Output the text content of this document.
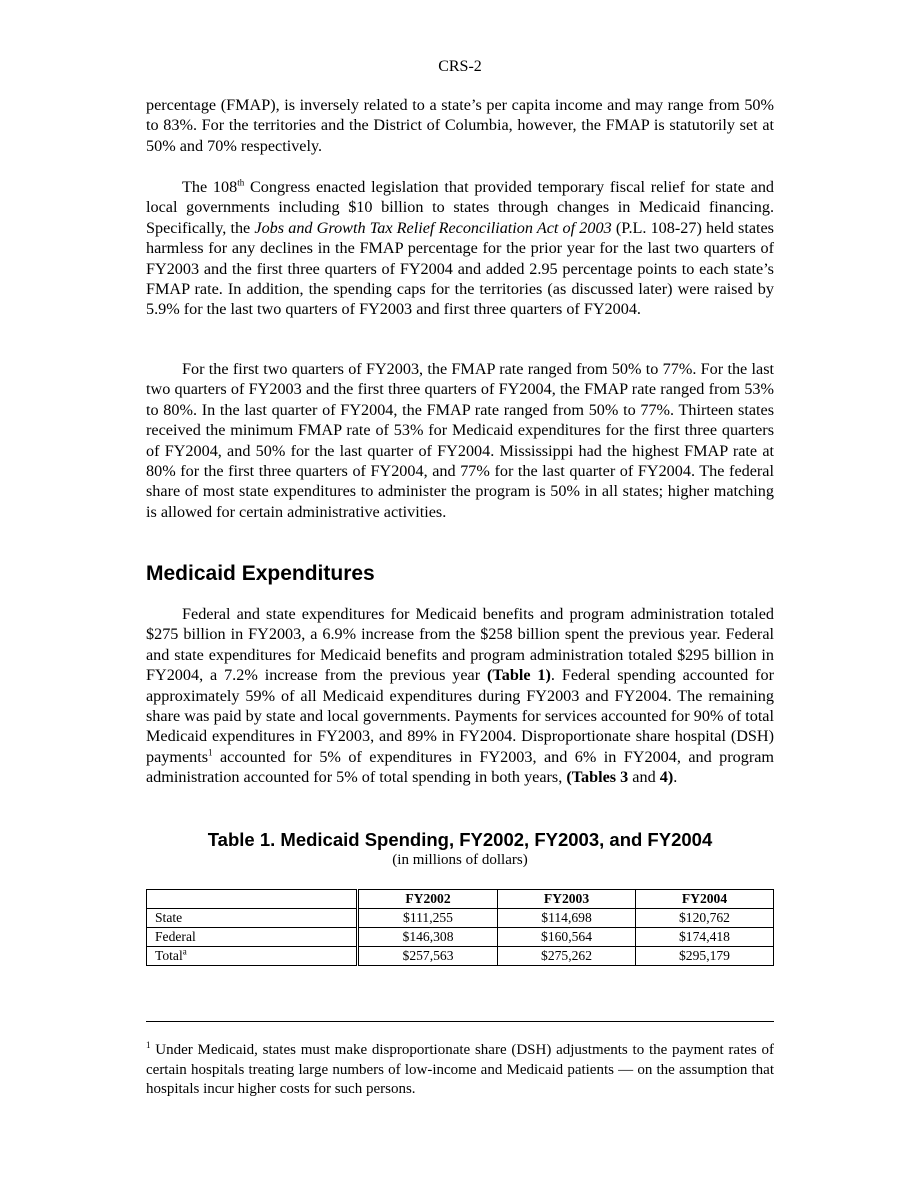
CRS-2

percentage (FMAP), is inversely related to a state’s per capita income and may range from 50% to 83%. For the territories and the District of Columbia, however, the FMAP is statutorily set at 50% and 70% respectively.

The 108th Congress enacted legislation that provided temporary fiscal relief for state and local governments including $10 billion to states through changes in Medicaid financing. Specifically, the Jobs and Growth Tax Relief Reconciliation Act of 2003 (P.L. 108-27) held states harmless for any declines in the FMAP percentage for the prior year for the last two quarters of FY2003 and the first three quarters of FY2004 and added 2.95 percentage points to each state’s FMAP rate. In addition, the spending caps for the territories (as discussed later) were raised by 5.9% for the last two quarters of FY2003 and first three quarters of FY2004.

For the first two quarters of FY2003, the FMAP rate ranged from 50% to 77%. For the last two quarters of FY2003 and the first three quarters of FY2004, the FMAP rate ranged from 53% to 80%. In the last quarter of FY2004, the FMAP rate ranged from 50% to 77%. Thirteen states received the minimum FMAP rate of 53% for Medicaid expenditures for the first three quarters of FY2004, and 50% for the last quarter of FY2004. Mississippi had the highest FMAP rate at 80% for the first three quarters of FY2004, and 77% for the last quarter of FY2004. The federal share of most state expenditures to administer the program is 50% in all states; higher matching is allowed for certain administrative activities.

Medicaid Expenditures

Federal and state expenditures for Medicaid benefits and program administration totaled $275 billion in FY2003, a 6.9% increase from the $258 billion spent the previous year. Federal and state expenditures for Medicaid benefits and program administration totaled $295 billion in FY2004, a 7.2% increase from the previous year (Table 1). Federal spending accounted for approximately 59% of all Medicaid expenditures during FY2003 and FY2004. The remaining share was paid by state and local governments. Payments for services accounted for 90% of total Medicaid expenditures in FY2003, and 89% in FY2004. Disproportionate share hospital (DSH) payments$^1$ accounted for 5% of expenditures in FY2003, and 6% in FY2004, and program administration accounted for 5% of total spending in both years, (Tables 3 and 4).

Table 1. Medicaid Spending, FY2002, FY2003, and FY2004
(in millions of dollars)
	FY2002	FY2003	FY2004
State	$111,255	$114,698	$120,762
Federal	$146,308	$160,564	$174,418
Total$^a$	$257,563	$275,262	$295,179

$^1$ Under Medicaid, states must make disproportionate share (DSH) adjustments to the payment rates of certain hospitals treating large numbers of low-income and Medicaid patients — on the assumption that hospitals incur higher costs for such persons.
